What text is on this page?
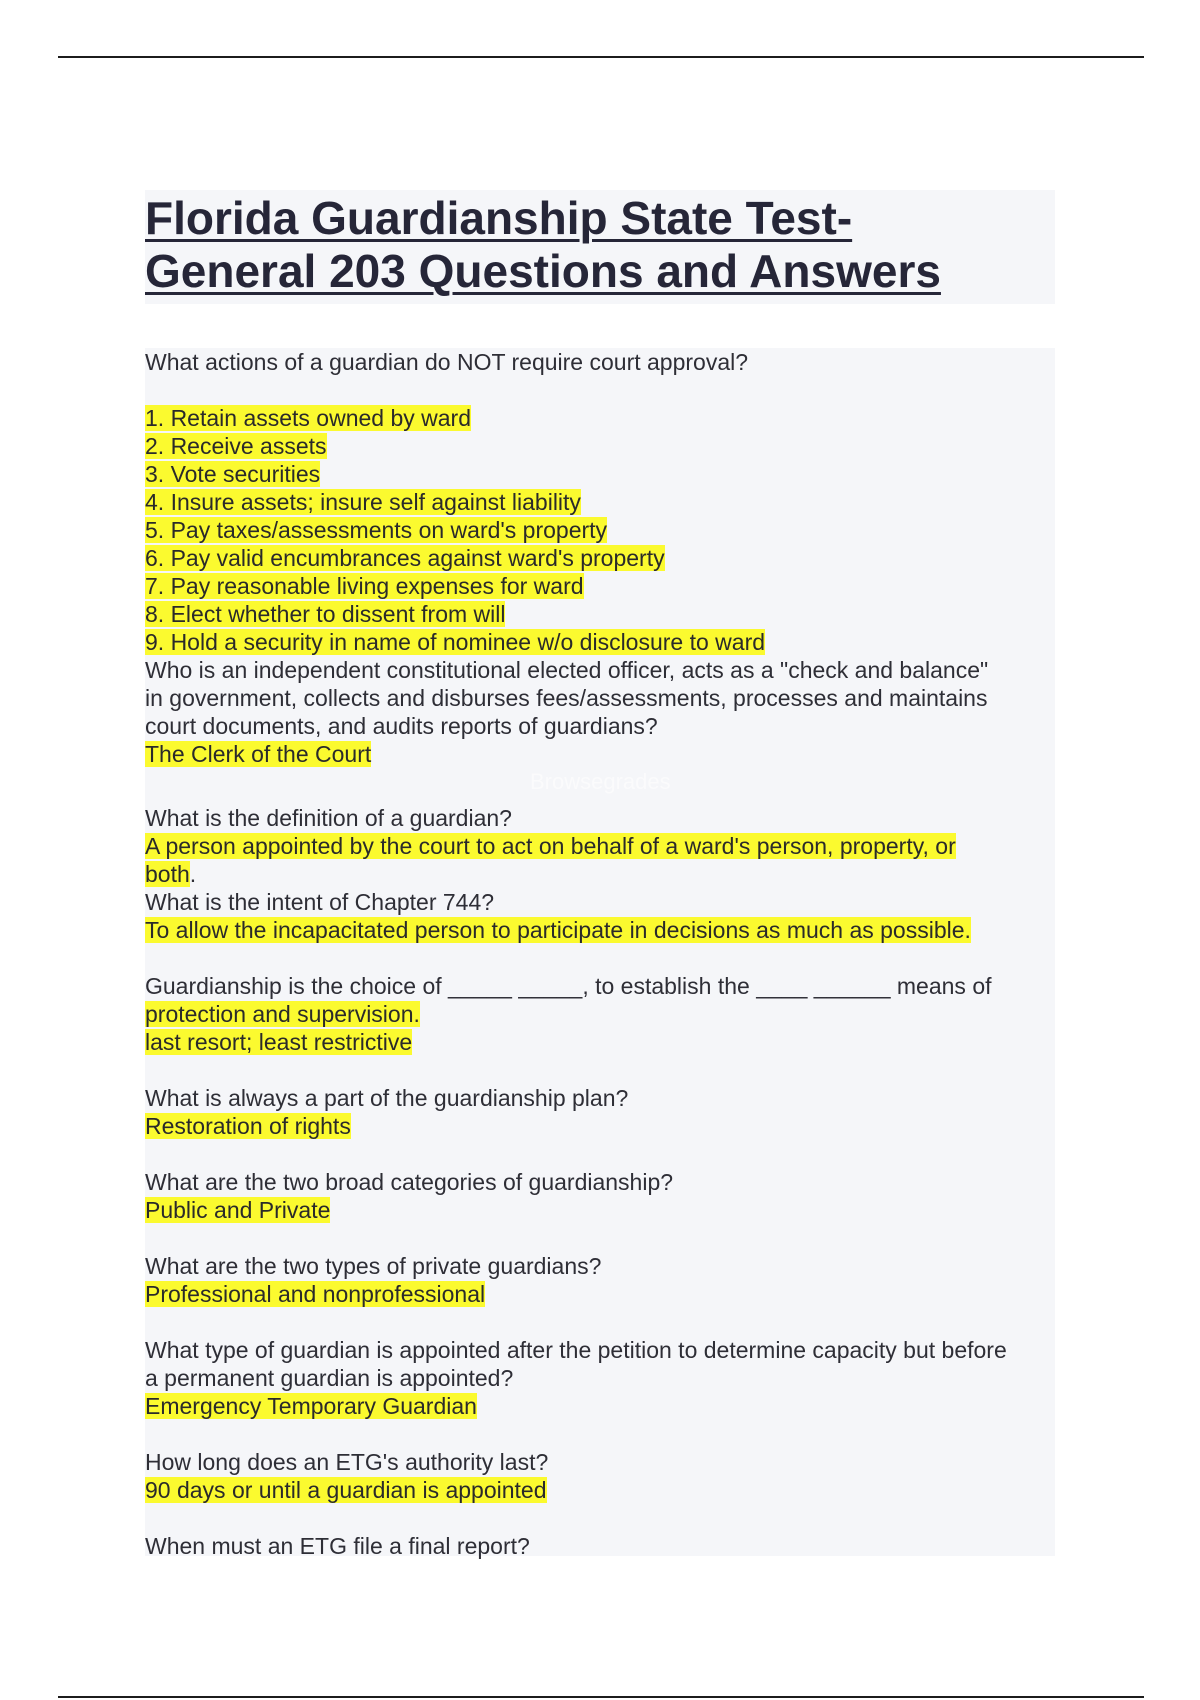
Florida Guardianship State Test-
General 203 Questions and Answers
Browsegrades
What actions of a guardian do NOT require court approval?
1. Retain assets owned by ward
2. Receive assets
3. Vote securities
4. Insure assets; insure self against liability
5. Pay taxes/assessments on ward's property
6. Pay valid encumbrances against ward's property
7. Pay reasonable living expenses for ward
8. Elect whether to dissent from will
9. Hold a security in name of nominee w/o disclosure to ward
Who is an independent constitutional elected officer, acts as a "check and balance"
in government, collects and disburses fees/assessments, processes and maintains
court documents, and audits reports of guardians?
The Clerk of the Court
What is the definition of a guardian?
A person appointed by the court to act on behalf of a ward's person, property, or
both.
What is the intent of Chapter 744?
To allow the incapacitated person to participate in decisions as much as possible.
Guardianship is the choice of _____ _____, to establish the ____ ______ means of
protection and supervision.
last resort; least restrictive
What is always a part of the guardianship plan?
Restoration of rights
What are the two broad categories of guardianship?
Public and Private
What are the two types of private guardians?
Professional and nonprofessional
What type of guardian is appointed after the petition to determine capacity but before
a permanent guardian is appointed?
Emergency Temporary Guardian
How long does an ETG's authority last?
90 days or until a guardian is appointed
When must an ETG file a final report?
